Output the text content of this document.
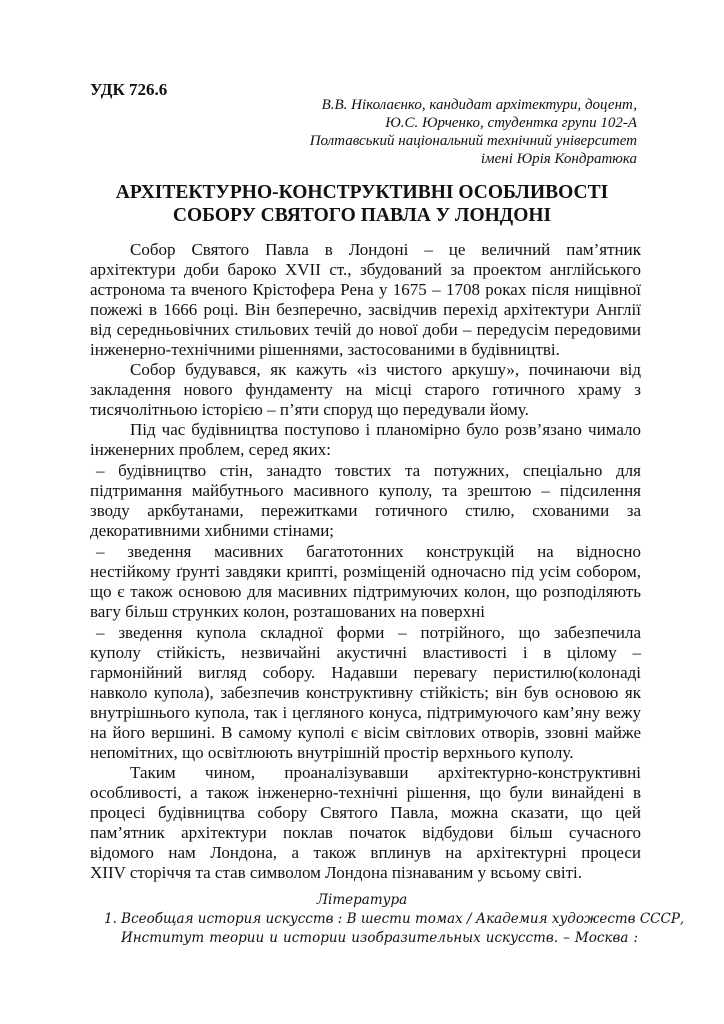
УДК 726.6
В.В. Ніколаєнко, кандидат архітектури, доцент,
Ю.С. Юрченко, студентка групи 102-А
Полтавський національний технічний університет
імені Юрія Кондратюка
АРХІТЕКТУРНО-КОНСТРУКТИВНІ ОСОБЛИВОСТІ
СОБОРУ СВЯТОГО ПАВЛА У ЛОНДОНІ
Собор Святого Павла в Лондоні – це величний пам’ятник
архітектури доби бароко XVII ст., збудований за проектом англійського
астронома та вченого Крістофера Рена у 1675 – 1708 роках після нищівної
пожежі в 1666 році. Він безперечно, засвідчив перехід архітектури Англії
від середньовічних стильових течій до нової доби – передусім передовими
інженерно-технічними рішеннями, застосованими в будівництві.
Собор будувався, як кажуть «із чистого аркушу», починаючи від
закладення нового фундаменту на місці старого готичного храму з
тисячолітньою історією – п’яти споруд що передували йому.
Під час будівництва поступово і планомірно було розв’язано чимало
інженерних проблем, серед яких:
– будівництво стін, занадто товстих та потужних, спеціально для
підтримання майбутнього масивного куполу, та зрештою – підсилення
зводу аркбутанами, пережитками готичного стилю, схованими за
декоративними хибними стінами;
– зведення масивних багатотонних конструкцій на відносно
нестійкому ґрунті завдяки крипті, розміщеній одночасно під усім собором,
що є також основою для масивних підтримуючих колон, що розподіляють
вагу більш струнких колон, розташованих на поверхні
– зведення купола складної форми – потрійного, що забезпечила
куполу стійкість, незвичайні акустичні властивості і в цілому –
гармонійний вигляд собору. Надавши перевагу перистилю(колонаді
навколо купола), забезпечив конструктивну стійкість; він був основою як
внутрішнього купола, так і цегляного конуса, підтримуючого кам’яну вежу
на його вершині. В самому куполі є вісім світлових отворів, ззовні майже
непомітних, що освітлюють внутрішній простір верхнього куполу.
Таким чином, проаналізувавши архітектурно-конструктивні
особливості, а також інженерно-технічні рішення, що були винайдені в
процесі будівництва собору Святого Павла, можна сказати, що цей
пам’ятник архітектури поклав початок відбудови більш сучасного
відомого нам Лондона, а також вплинув на архітектурні процеси
XIIV сторіччя та став символом Лондона пізнаваним у всьому світі.
Література
1. Всеобщая история искусств : В шести томах / Академия художеств СССР,
Институт теории и истории изобразительных искусств. – Москва :
